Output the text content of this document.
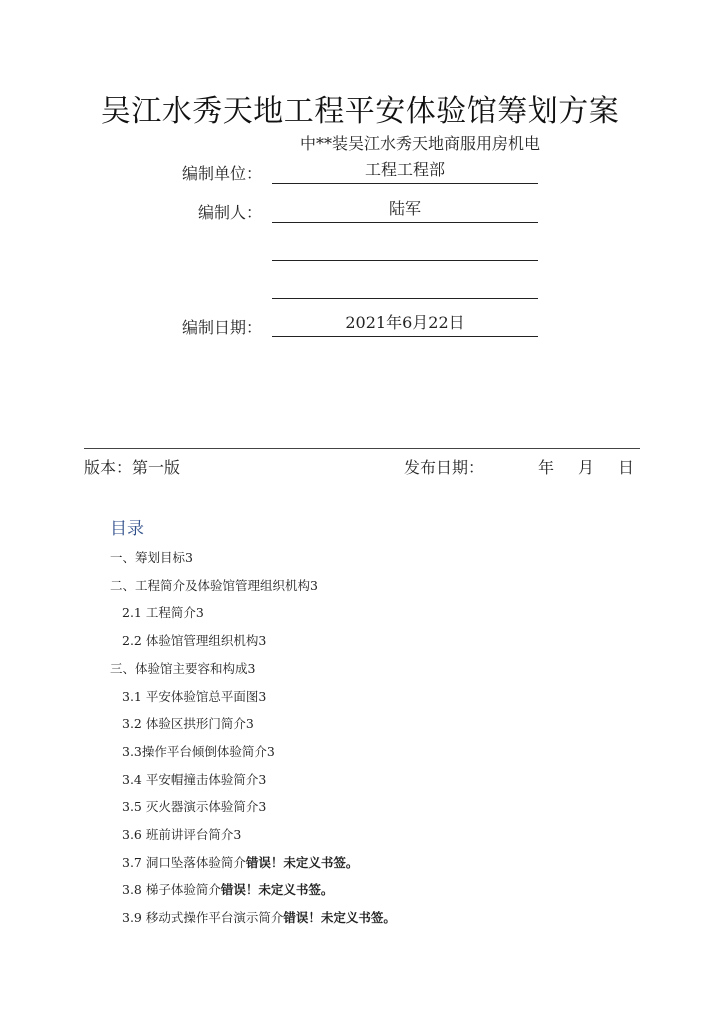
吴江水秀天地工程平安体验馆筹划方案
中**装吴江水秀天地商服用房机电
编制单位：	工程工程部
编制人：	陆军
编制日期：	2021年6月22日
版本：第一版	发布日期：	年 月 日
目录
一、筹划目标3
二、工程简介及体验馆管理组织机构3
2.1 工程简介3
2.2 体验馆管理组织机构3
三、体验馆主要容和构成3
3.1 平安体验馆总平面图3
3.2 体验区拱形门简介3
3.3操作平台倾倒体验简介3
3.4 平安帽撞击体验简介3
3.5 灭火器演示体验简介3
3.6 班前讲评台简介3
3.7 洞口坠落体验简介错误！未定义书签。
3.8 梯子体验简介错误！未定义书签。
3.9 移动式操作平台演示简介错误！未定义书签。
